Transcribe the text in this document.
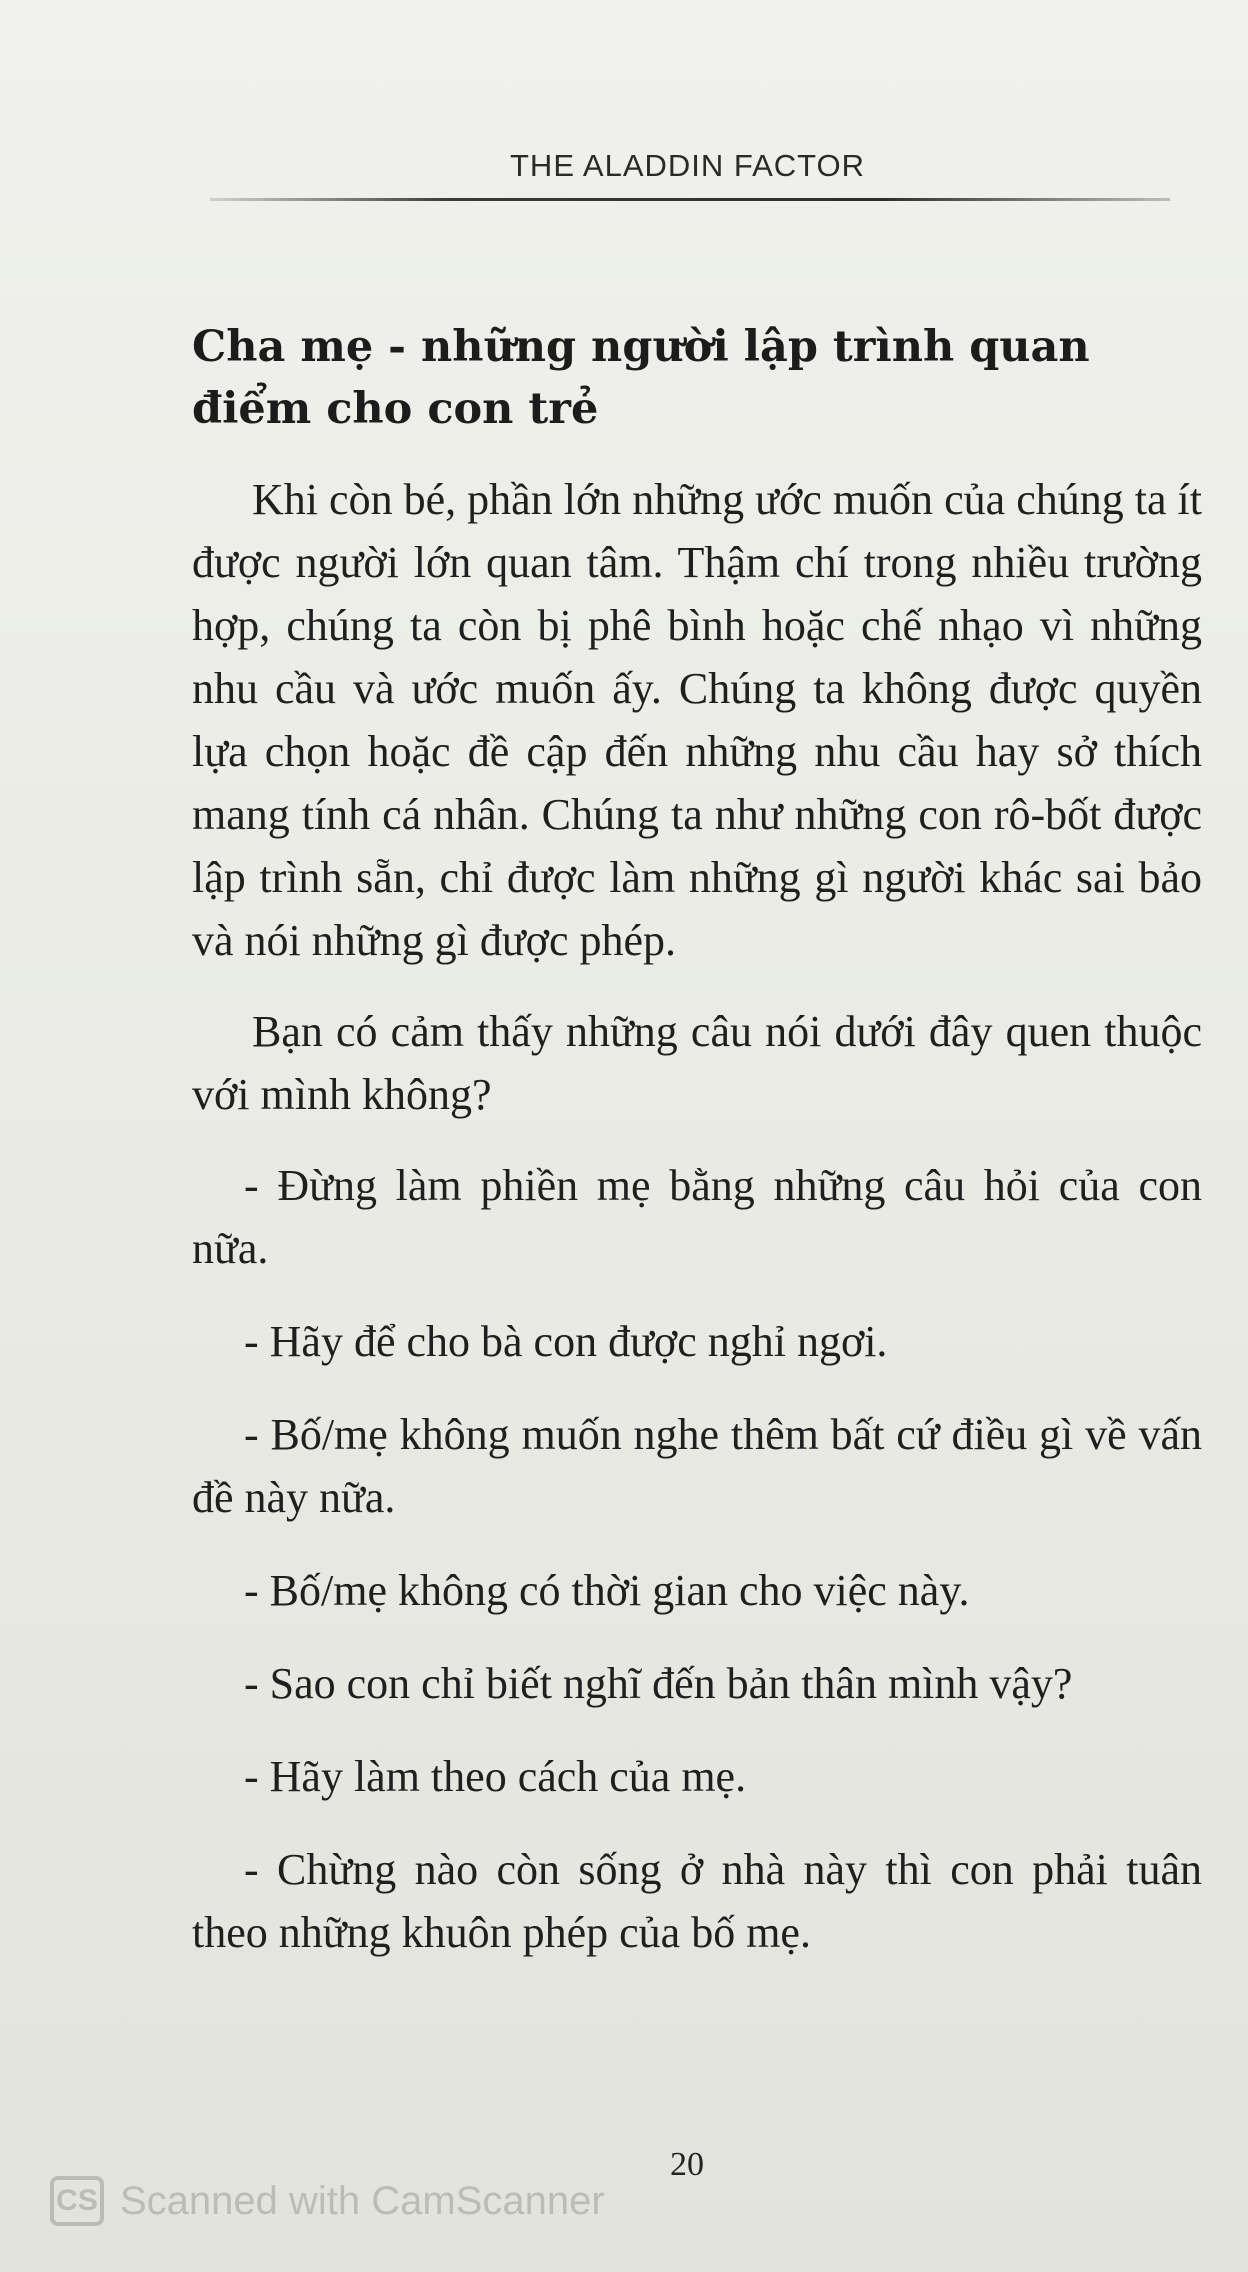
THE ALADDIN FACTOR
Cha mẹ - những người lập trình quan điểm cho con trẻ

Khi còn bé, phần lớn những ước muốn của chúng ta ít được người lớn quan tâm. Thậm chí trong nhiều trường hợp, chúng ta còn bị phê bình hoặc chế nhạo vì những nhu cầu và ước muốn ấy. Chúng ta không được quyền lựa chọn hoặc đề cập đến những nhu cầu hay sở thích mang tính cá nhân. Chúng ta như những con rô-bốt được lập trình sẵn, chỉ được làm những gì người khác sai bảo và nói những gì được phép.

Bạn có cảm thấy những câu nói dưới đây quen thuộc với mình không?

- Đừng làm phiền mẹ bằng những câu hỏi của con nữa.

- Hãy để cho bà con được nghỉ ngơi.

- Bố/mẹ không muốn nghe thêm bất cứ điều gì về vấn đề này nữa.

- Bố/mẹ không có thời gian cho việc này.

- Sao con chỉ biết nghĩ đến bản thân mình vậy?

- Hãy làm theo cách của mẹ.

- Chừng nào còn sống ở nhà này thì con phải tuân theo những khuôn phép của bố mẹ.

20
CS Scanned with CamScanner
